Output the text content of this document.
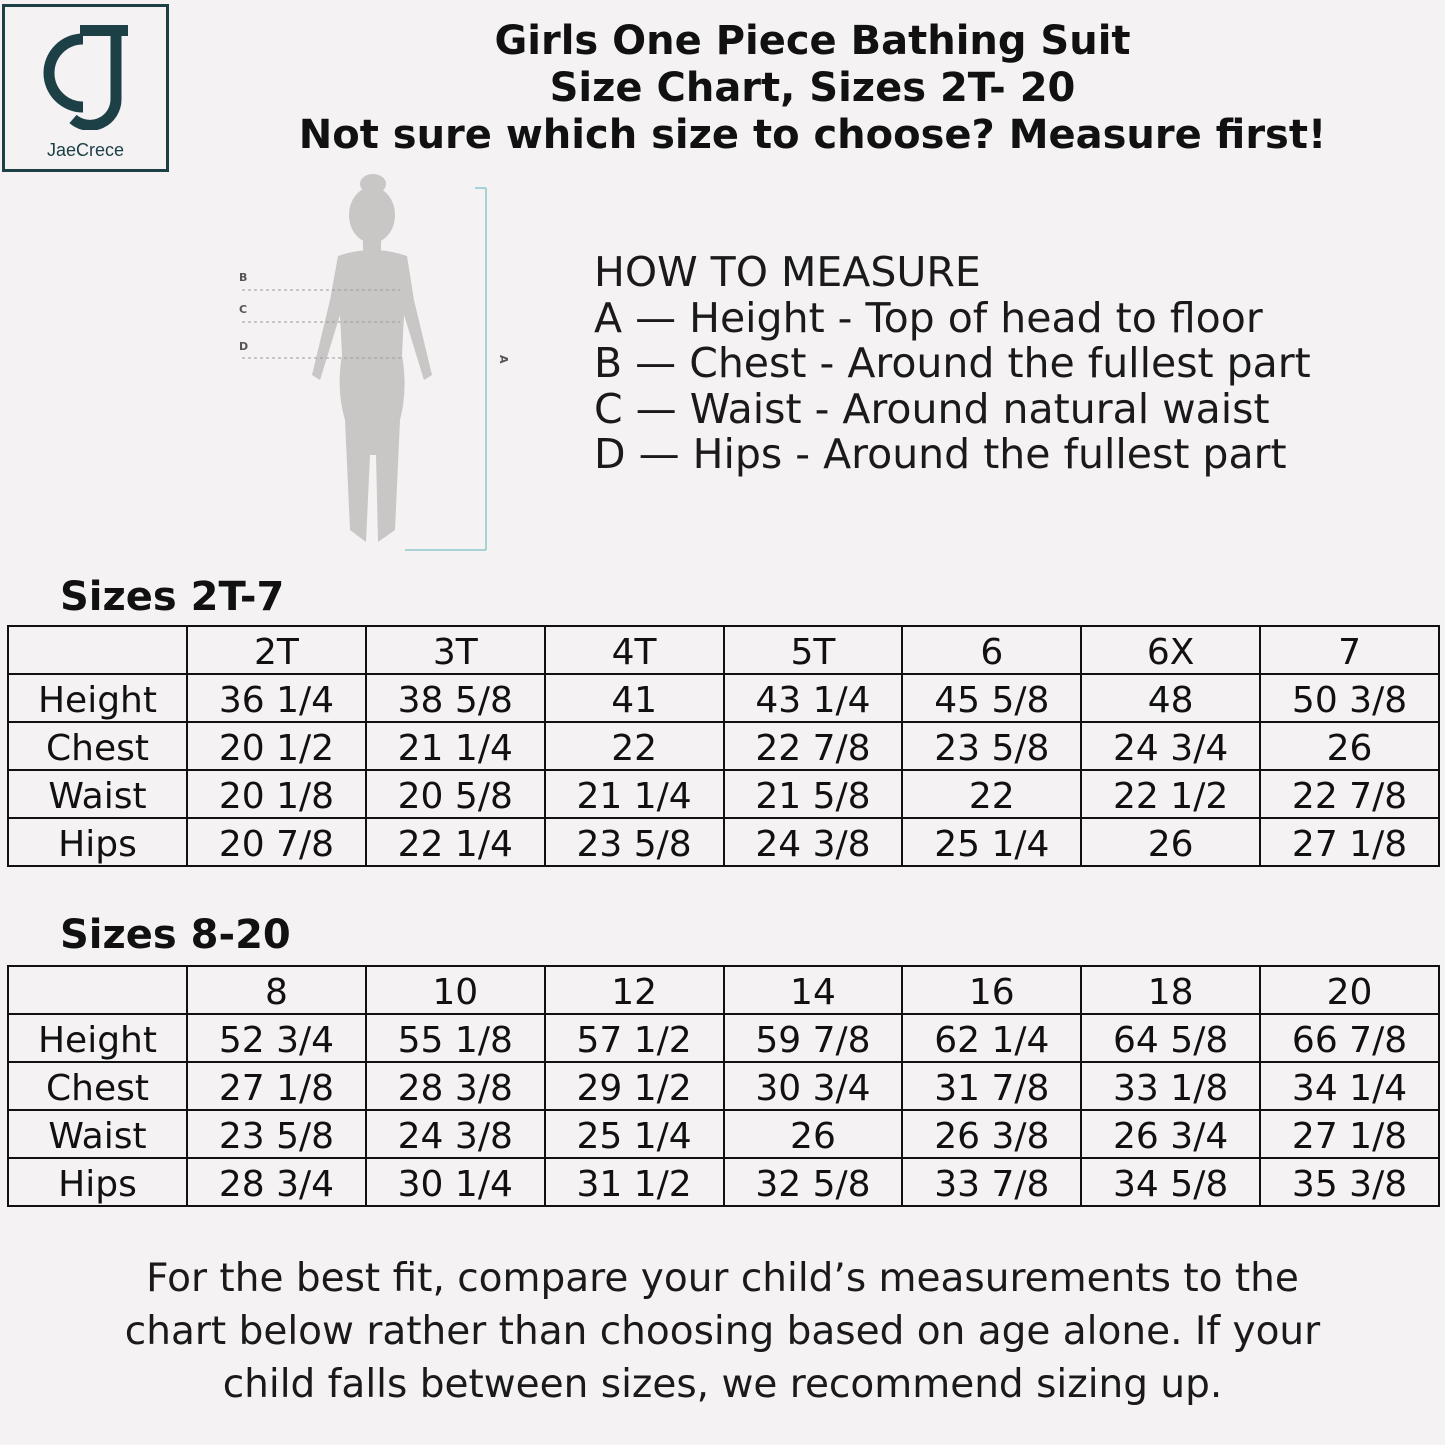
JaeCrece
Girls One Piece Bathing Suit
Size Chart, Sizes 2T- 20
Not sure which size to choose? Measure first!
B
C
D
A
HOW TO MEASURE
A — Height - Top of head to floor
B — Chest - Around the fullest part
C — Waist - Around natural waist
D — Hips - Around the fullest part
Sizes 2T-7
	2T	3T	4T	5T	6	6X	7
Height	36 1/4	38 5/8	41	43 1/4	45 5/8	48	50 3/8
Chest	20 1/2	21 1/4	22	22 7/8	23 5/8	24 3/4	26
Waist	20 1/8	20 5/8	21 1/4	21 5/8	22	22 1/2	22 7/8
Hips	20 7/8	22 1/4	23 5/8	24 3/8	25 1/4	26	27 1/8
Sizes 8-20
	8	10	12	14	16	18	20
Height	52 3/4	55 1/8	57 1/2	59 7/8	62 1/4	64 5/8	66 7/8
Chest	27 1/8	28 3/8	29 1/2	30 3/4	31 7/8	33 1/8	34 1/4
Waist	23 5/8	24 3/8	25 1/4	26	26 3/8	26 3/4	27 1/8
Hips	28 3/4	30 1/4	31 1/2	32 5/8	33 7/8	34 5/8	35 3/8
For the best fit, compare your child’s measurements to the
chart below rather than choosing based on age alone. If your
child falls between sizes, we recommend sizing up.
